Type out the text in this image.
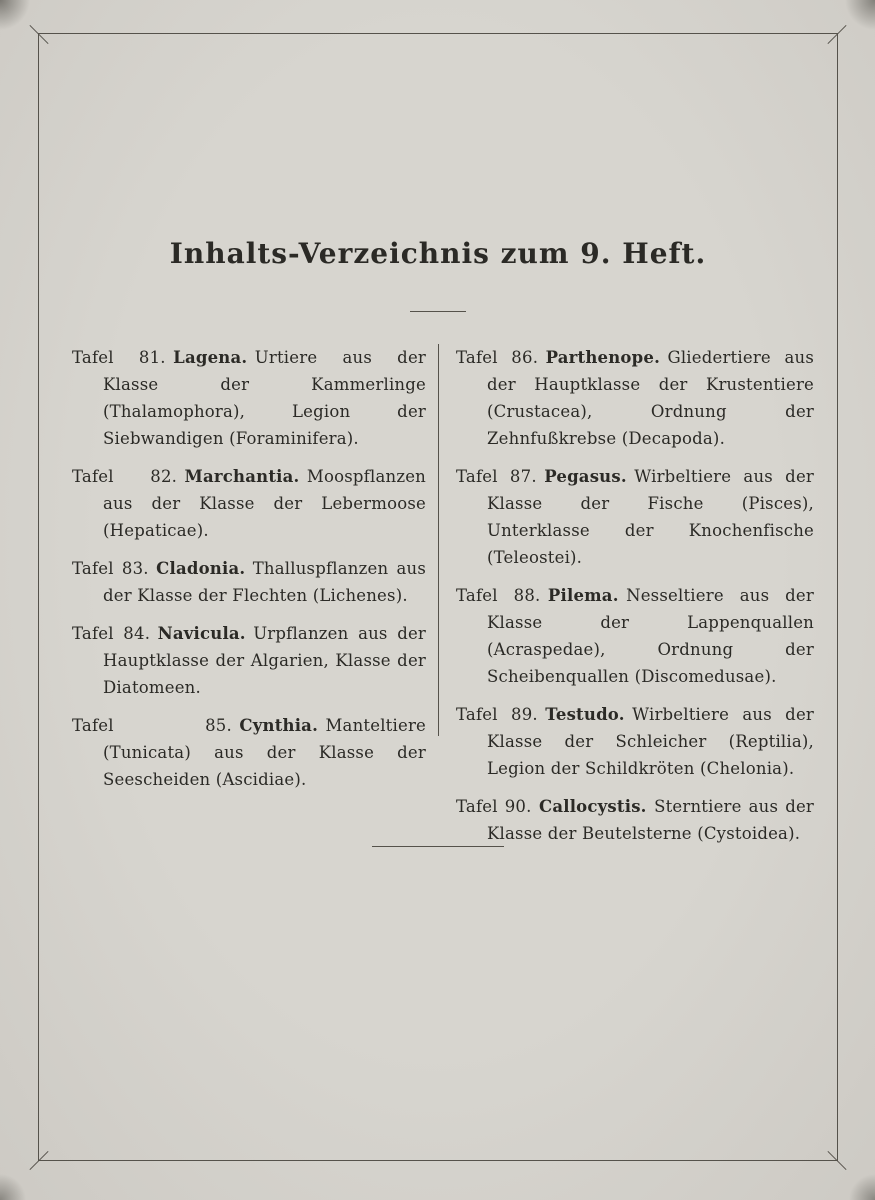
Inhalts-Verzeichnis zum 9. Heft.

Tafel 81. Lagena. Urtiere aus der Klasse der Kammerlinge (Thalamophora), Legion der Siebwandigen (Foraminifera).

Tafel 82. Marchantia. Moospflanzen aus der Klasse der Lebermoose (Hepaticae).

Tafel 83. Cladonia. Thalluspflanzen aus der Klasse der Flechten (Lichenes).

Tafel 84. Navicula. Urpflanzen aus der Hauptklasse der Algarien, Klasse der Diatomeen.

Tafel 85. Cynthia. Manteltiere (Tunicata) aus der Klasse der Seescheiden (Ascidiae).

Tafel 86. Parthenope. Gliedertiere aus der Hauptklasse der Krustentiere (Crustacea), Ordnung der Zehnfußkrebse (Decapoda).

Tafel 87. Pegasus. Wirbeltiere aus der Klasse der Fische (Pisces), Unterklasse der Knochenfische (Teleostei).

Tafel 88. Pilema. Nesseltiere aus der Klasse der Lappenquallen (Acraspedae), Ordnung der Scheibenquallen (Discomedusae).

Tafel 89. Testudo. Wirbeltiere aus der Klasse der Schleicher (Reptilia), Legion der Schildkröten (Chelonia).

Tafel 90. Callocystis. Sterntiere aus der Klasse der Beutelsterne (Cystoidea).
